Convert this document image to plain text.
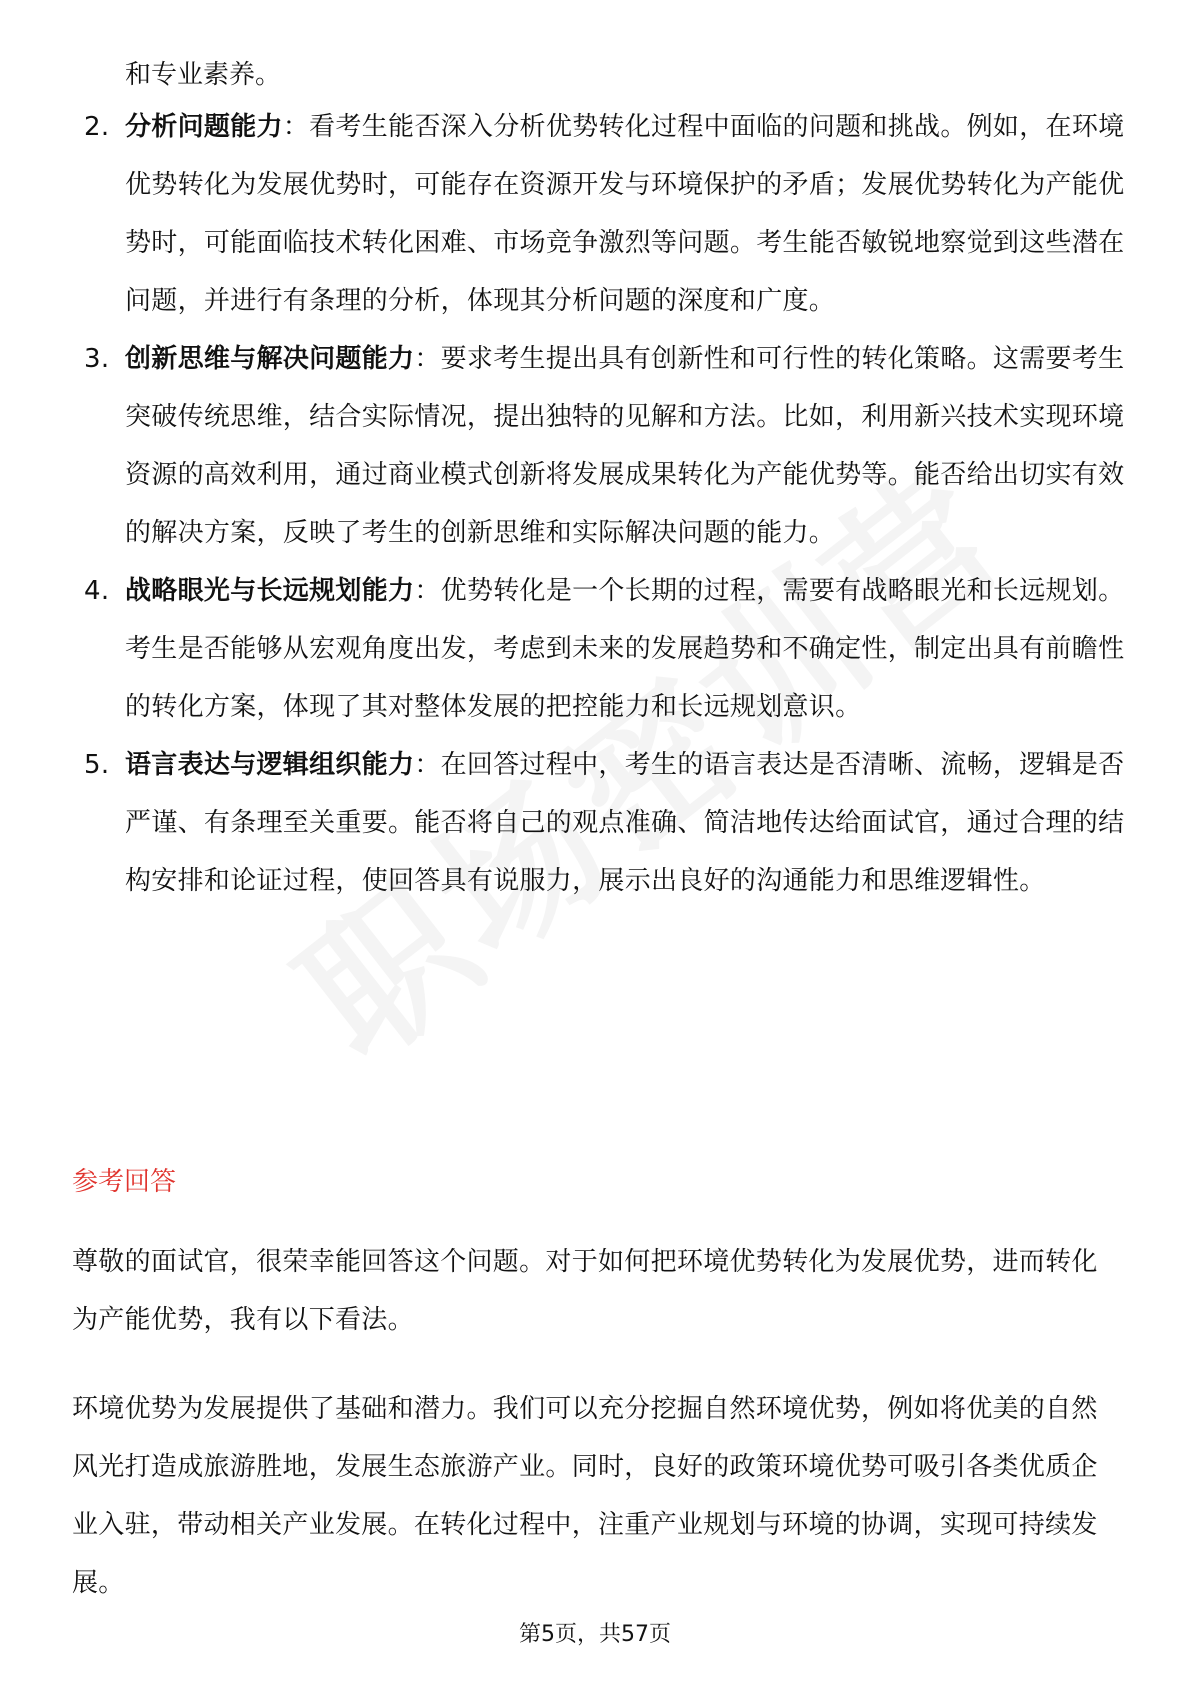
和专业素养。
2. 分析问题能力：看考生能否深入分析优势转化过程中面临的问题和挑战。例如，在环境优势转化为发展优势时，可能存在资源开发与环境保护的矛盾；发展优势转化为产能优势时，可能面临技术转化困难、市场竞争激烈等问题。考生能否敏锐地察觉到这些潜在问题，并进行有条理的分析，体现其分析问题的深度和广度。
3. 创新思维与解决问题能力：要求考生提出具有创新性和可行性的转化策略。这需要考生突破传统思维，结合实际情况，提出独特的见解和方法。比如，利用新兴技术实现环境资源的高效利用，通过商业模式创新将发展成果转化为产能优势等。能否给出切实有效的解决方案，反映了考生的创新思维和实际解决问题的能力。
4. 战略眼光与长远规划能力：优势转化是一个长期的过程，需要有战略眼光和长远规划。考生是否能够从宏观角度出发，考虑到未来的发展趋势和不确定性，制定出具有前瞻性的转化方案，体现了其对整体发展的把控能力和长远规划意识。
5. 语言表达与逻辑组织能力：在回答过程中，考生的语言表达是否清晰、流畅，逻辑是否严谨、有条理至关重要。能否将自己的观点准确、简洁地传达给面试官，通过合理的结构安排和论证过程，使回答具有说服力，展示出良好的沟通能力和思维逻辑性。
参考回答

尊敬的面试官，很荣幸能回答这个问题。对于如何把环境优势转化为发展优势，进而转化为产能优势，我有以下看法。

环境优势为发展提供了基础和潜力。我们可以充分挖掘自然环境优势，例如将优美的自然风光打造成旅游胜地，发展生态旅游产业。同时，良好的政策环境优势可吸引各类优质企业入驻，带动相关产业发展。在转化过程中，注重产业规划与环境的协调，实现可持续发展。

第5页，共57页
